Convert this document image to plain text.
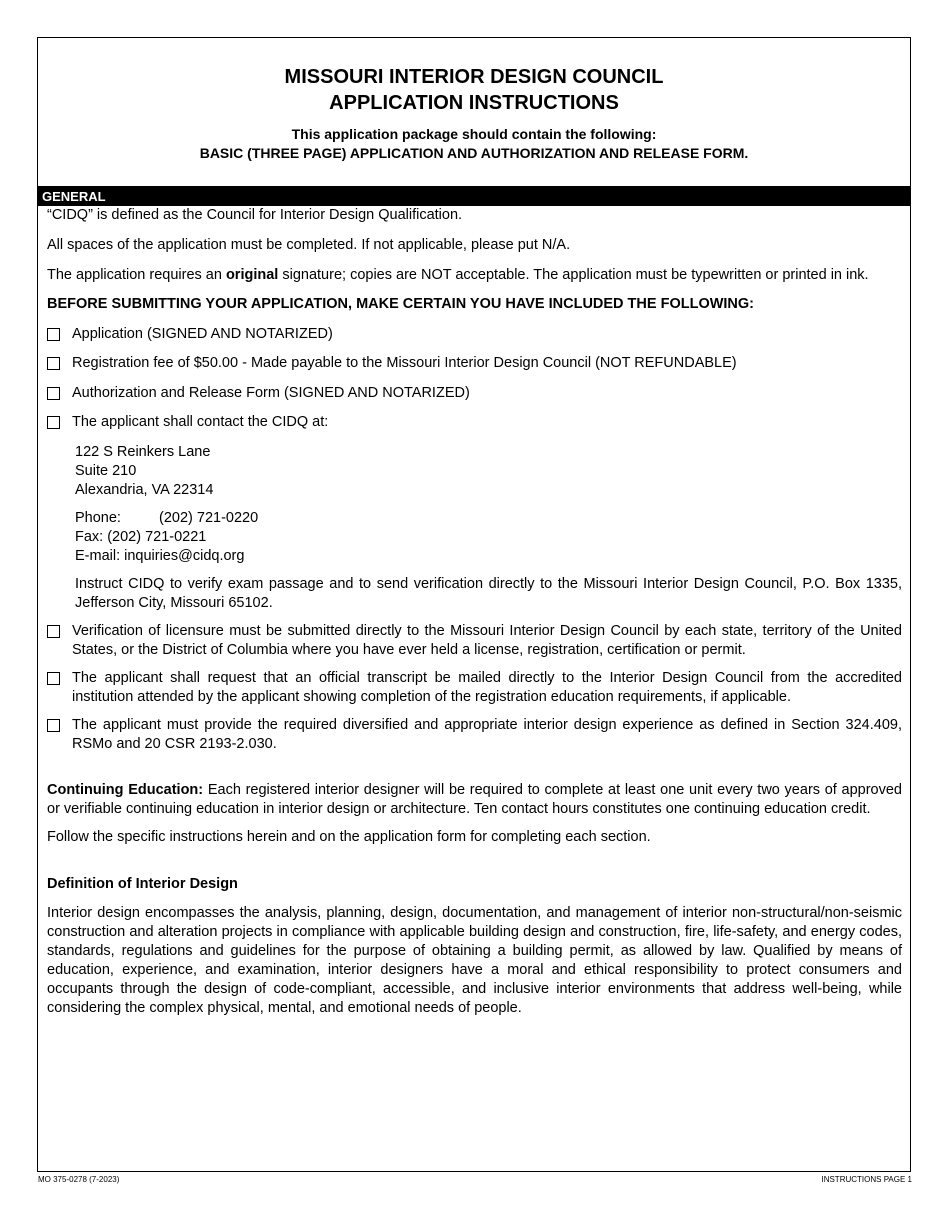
MISSOURI INTERIOR DESIGN COUNCIL
APPLICATION INSTRUCTIONS
This application package should contain the following:
BASIC (THREE PAGE) APPLICATION AND AUTHORIZATION AND RELEASE FORM.
GENERAL

“CIDQ” is defined as the Council for Interior Design Qualification.

All spaces of the application must be completed. If not applicable, please put N/A.

The application requires an original signature; copies are NOT acceptable. The application must be typewritten or printed in ink.

BEFORE SUBMITTING YOUR APPLICATION, MAKE CERTAIN YOU HAVE INCLUDED THE FOLLOWING:

Application (SIGNED AND NOTARIZED)
Registration fee of $50.00 - Made payable to the Missouri Interior Design Council (NOT REFUNDABLE)
Authorization and Release Form (SIGNED AND NOTARIZED)
The applicant shall contact the CIDQ at:
122 S Reinkers Lane
Suite 210
Alexandria, VA 22314
Phone:	(202) 721-0220
Fax: (202) 721-0221
E-mail: inquiries@cidq.org

Instruct CIDQ to verify exam passage and to send verification directly to the Missouri Interior Design Council, P.O. Box 1335, Jefferson City, Missouri 65102.

Verification of licensure must be submitted directly to the Missouri Interior Design Council by each state, territory of the United States, or the District of Columbia where you have ever held a license, registration, certification or permit.
The applicant shall request that an official transcript be mailed directly to the Interior Design Council from the accredited institution attended by the applicant showing completion of the registration education requirements, if applicable.
The applicant must provide the required diversified and appropriate interior design experience as defined in Section 324.409, RSMo and 20 CSR 2193-2.030.

Continuing Education: Each registered interior designer will be required to complete at least one unit every two years of approved or verifiable continuing education in interior design or architecture. Ten contact hours constitutes one continuing education credit.

Follow the specific instructions herein and on the application form for completing each section.

Definition of Interior Design

Interior design encompasses the analysis, planning, design, documentation, and management of interior non-structural/non-seismic construction and alteration projects in compliance with applicable building design and construction, fire, life-safety, and energy codes, standards, regulations and guidelines for the purpose of obtaining a building permit, as allowed by law. Qualified by means of education, experience, and examination, interior designers have a moral and ethical responsibility to protect consumers and occupants through the design of code-compliant, accessible, and inclusive interior environments that address well-being, while considering the complex physical, mental, and emotional needs of people.

MO 375-0278 (7-2023)	INSTRUCTIONS PAGE 1
